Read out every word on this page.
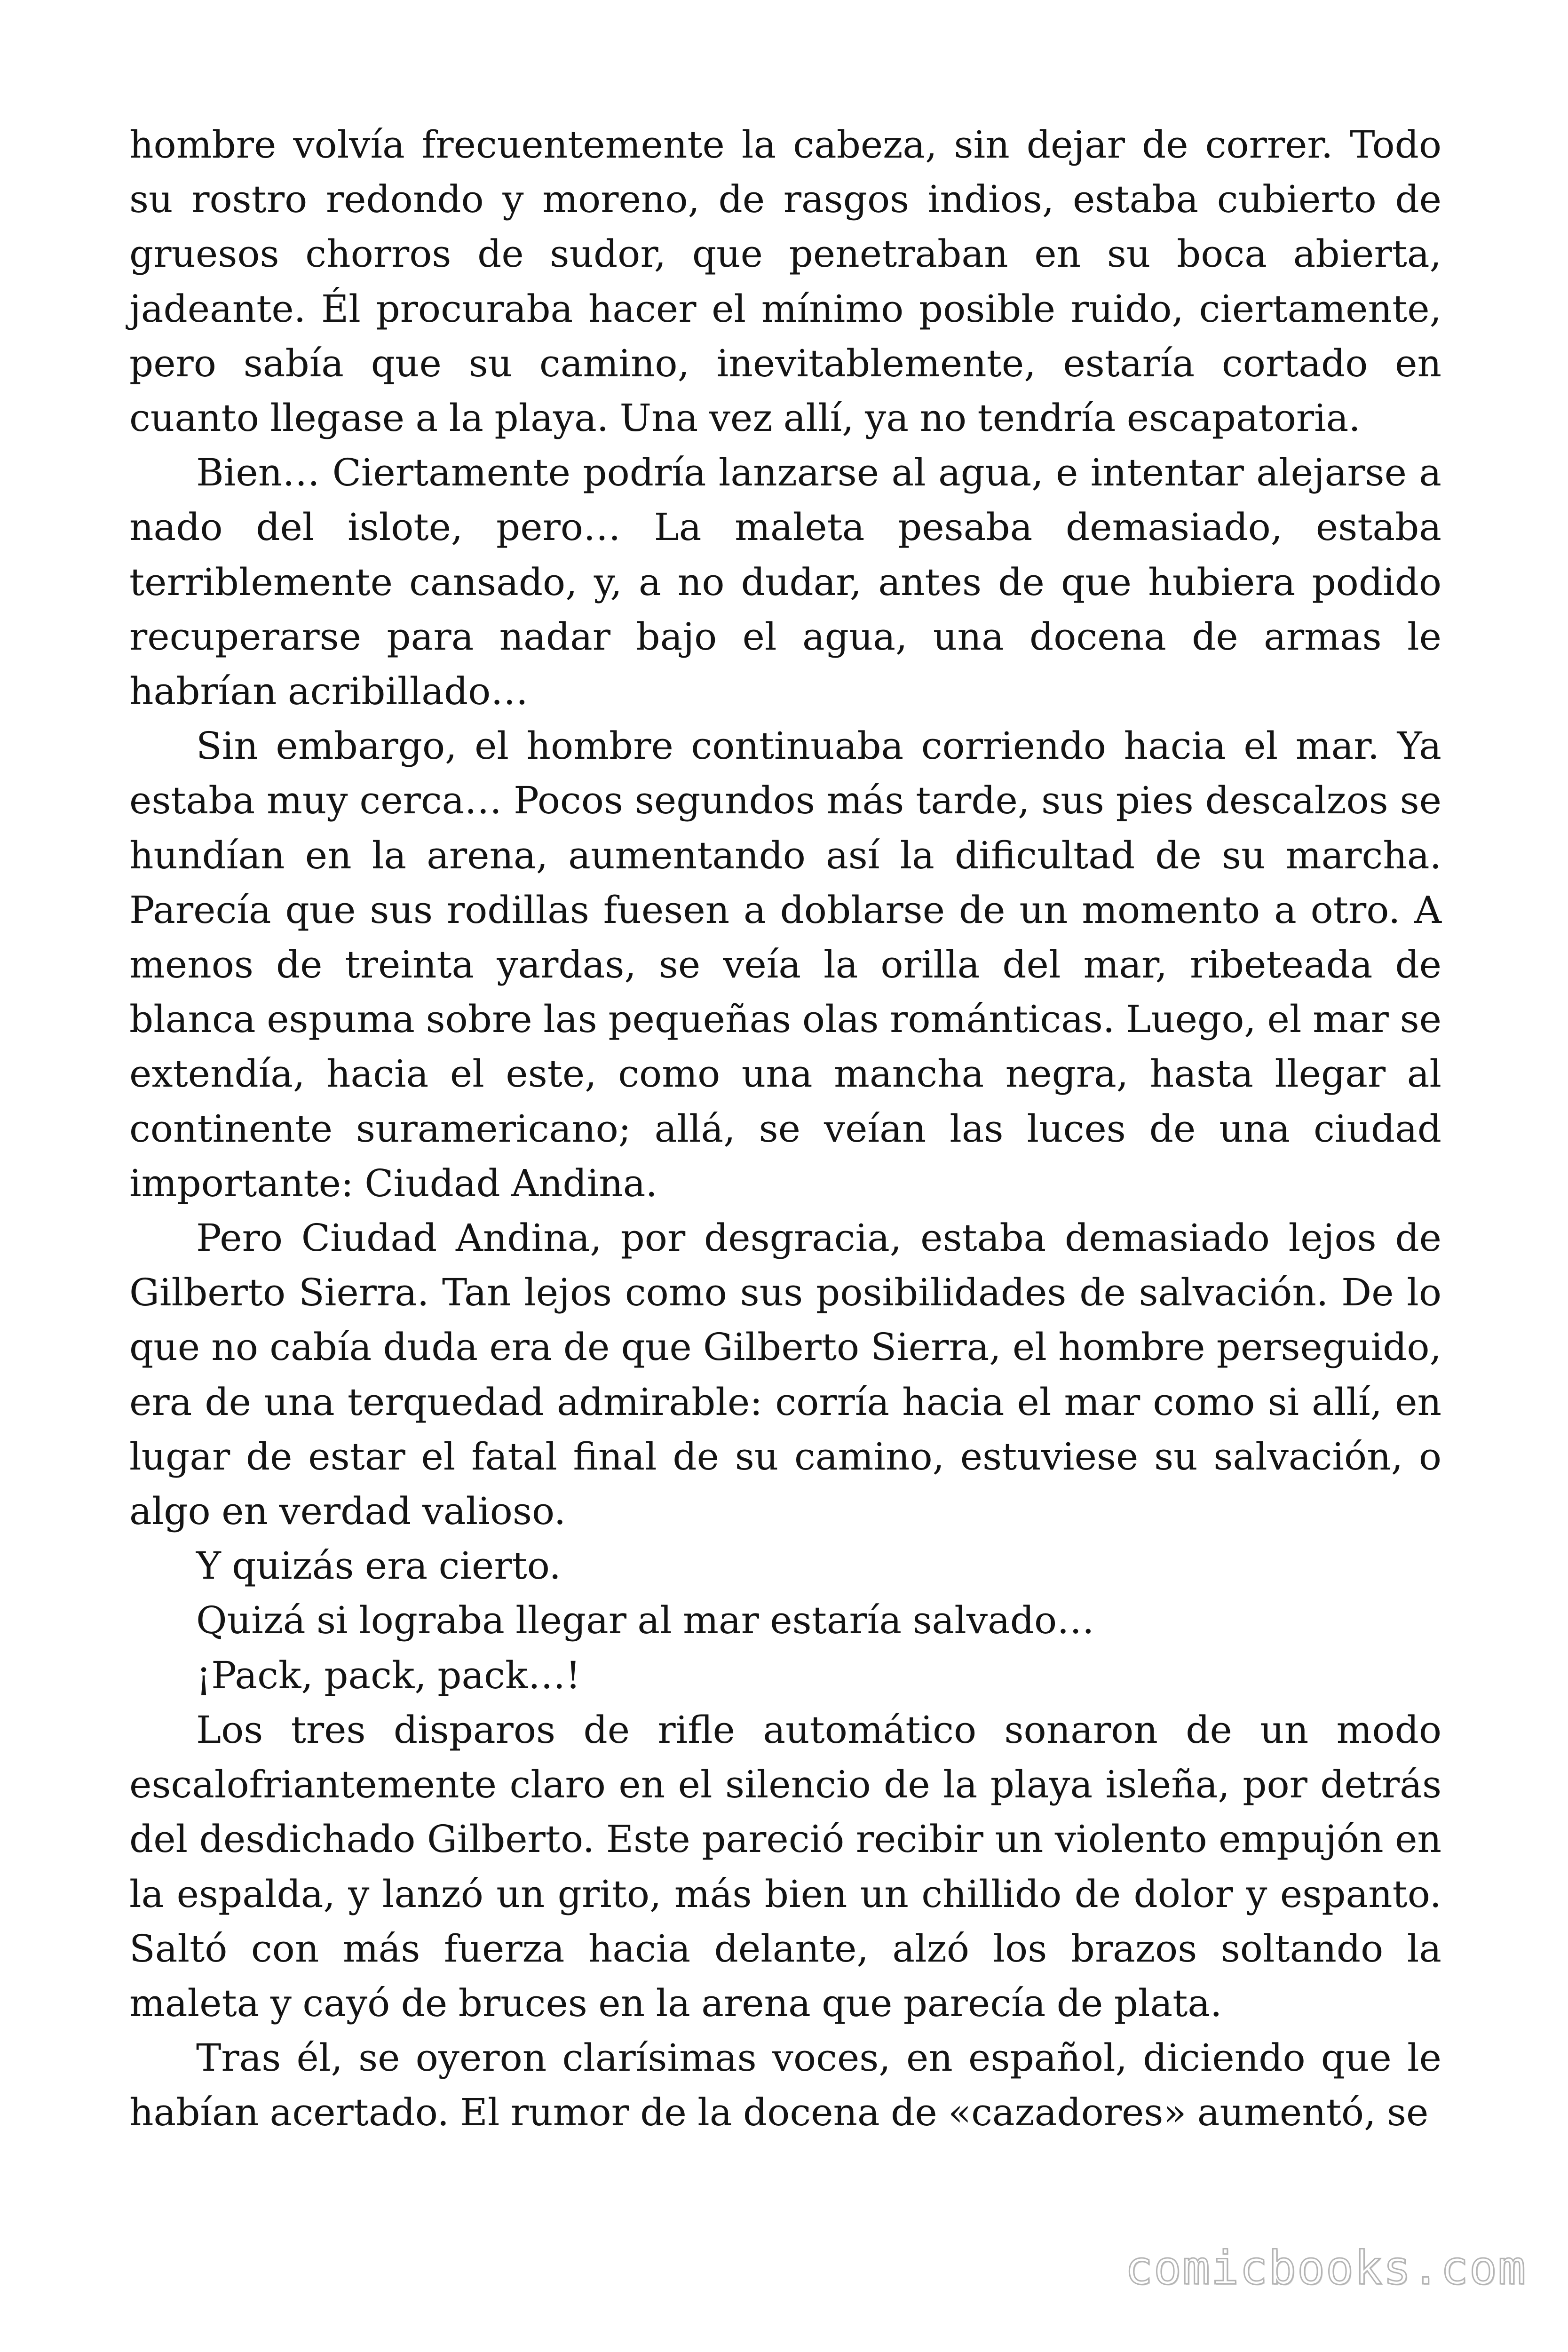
hombre volvía frecuentemente la cabeza, sin dejar de correr. Todo su rostro redondo y moreno, de rasgos indios, estaba cubierto de gruesos chorros de sudor, que penetraban en su boca abierta, jadeante. Él procuraba hacer el mínimo posible ruido, ciertamente, pero sabía que su camino, inevitablemente, estaría cortado en cuanto llegase a la playa. Una vez allí, ya no tendría escapatoria.

Bien… Ciertamente podría lanzarse al agua, e intentar alejarse a nado del islote, pero… La maleta pesaba demasiado, estaba terriblemente cansado, y, a no dudar, antes de que hubiera podido recuperarse para nadar bajo el agua, una docena de armas le habrían acribillado…

Sin embargo, el hombre continuaba corriendo hacia el mar. Ya estaba muy cerca… Pocos segundos más tarde, sus pies descalzos se hundían en la arena, aumentando así la dificultad de su marcha. Parecía que sus rodillas fuesen a doblarse de un momento a otro. A menos de treinta yardas, se veía la orilla del mar, ribeteada de blanca espuma sobre las pequeñas olas románticas. Luego, el mar se extendía, hacia el este, como una mancha negra, hasta llegar al continente suramericano; allá, se veían las luces de una ciudad importante: Ciudad Andina.

Pero Ciudad Andina, por desgracia, estaba demasiado lejos de Gilberto Sierra. Tan lejos como sus posibilidades de salvación. De lo que no cabía duda era de que Gilberto Sierra, el hombre perseguido, era de una terquedad admirable: corría hacia el mar como si allí, en lugar de estar el fatal final de su camino, estuviese su salvación, o algo en verdad valioso.

Y quizás era cierto.

Quizá si lograba llegar al mar estaría salvado…

¡Pack, pack, pack…!

Los tres disparos de rifle automático sonaron de un modo escalofriantemente claro en el silencio de la playa isleña, por detrás del desdichado Gilberto. Este pareció recibir un violento empujón en la espalda, y lanzó un grito, más bien un chillido de dolor y espanto. Saltó con más fuerza hacia delante, alzó los brazos soltando la maleta y cayó de bruces en la arena que parecía de plata.

Tras él, se oyeron clarísimas voces, en español, diciendo que le habían acertado. El rumor de la docena de «cazadores» aumentó, se

comicbooks.com
